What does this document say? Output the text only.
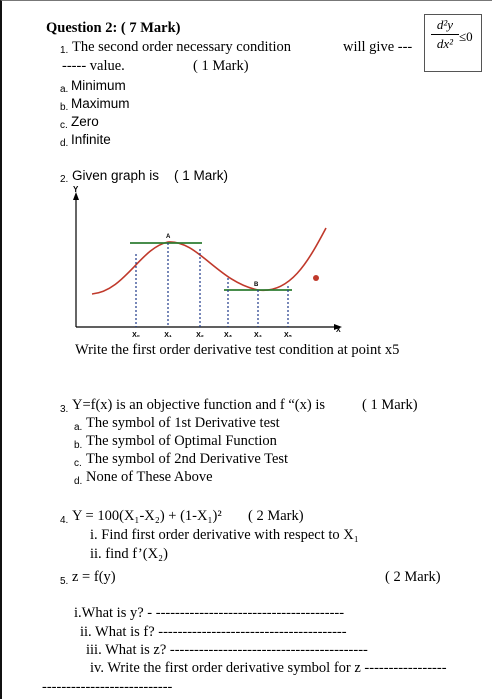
Question 2: ( 7 Mark)
1. The second order necessary condition	will give ---
----- value.	( 1 Mark)
d²y
dx² ≤0
a. Minimum
b. Maximum
c. Zero
d. Infinite
2. Given graph is ( 1 Mark)
Y
X
A
B
X₀	X₁	X₂	X₃	X₄	X₅
Write the first order derivative test condition at point x5
3. Y=f(x) is an objective function and f “(x) is	( 1 Mark)
a. The symbol of 1st Derivative test
b. The symbol of Optimal Function
c. The symbol of 2nd Derivative Test
d. None of These Above
4. Y = 100(X₁-X₂) + (1-X₁)² ( 2 Mark)
i. Find first order derivative with respect to X₁
ii. find f’(X₂)
5. z = f(y)	( 2 Mark)
i.What is y? - ---------------------------------------
ii. What is f? ---------------------------------------
iii. What is z? -----------------------------------------
iv. Write the first order derivative symbol for z -----------------
---------------------------
